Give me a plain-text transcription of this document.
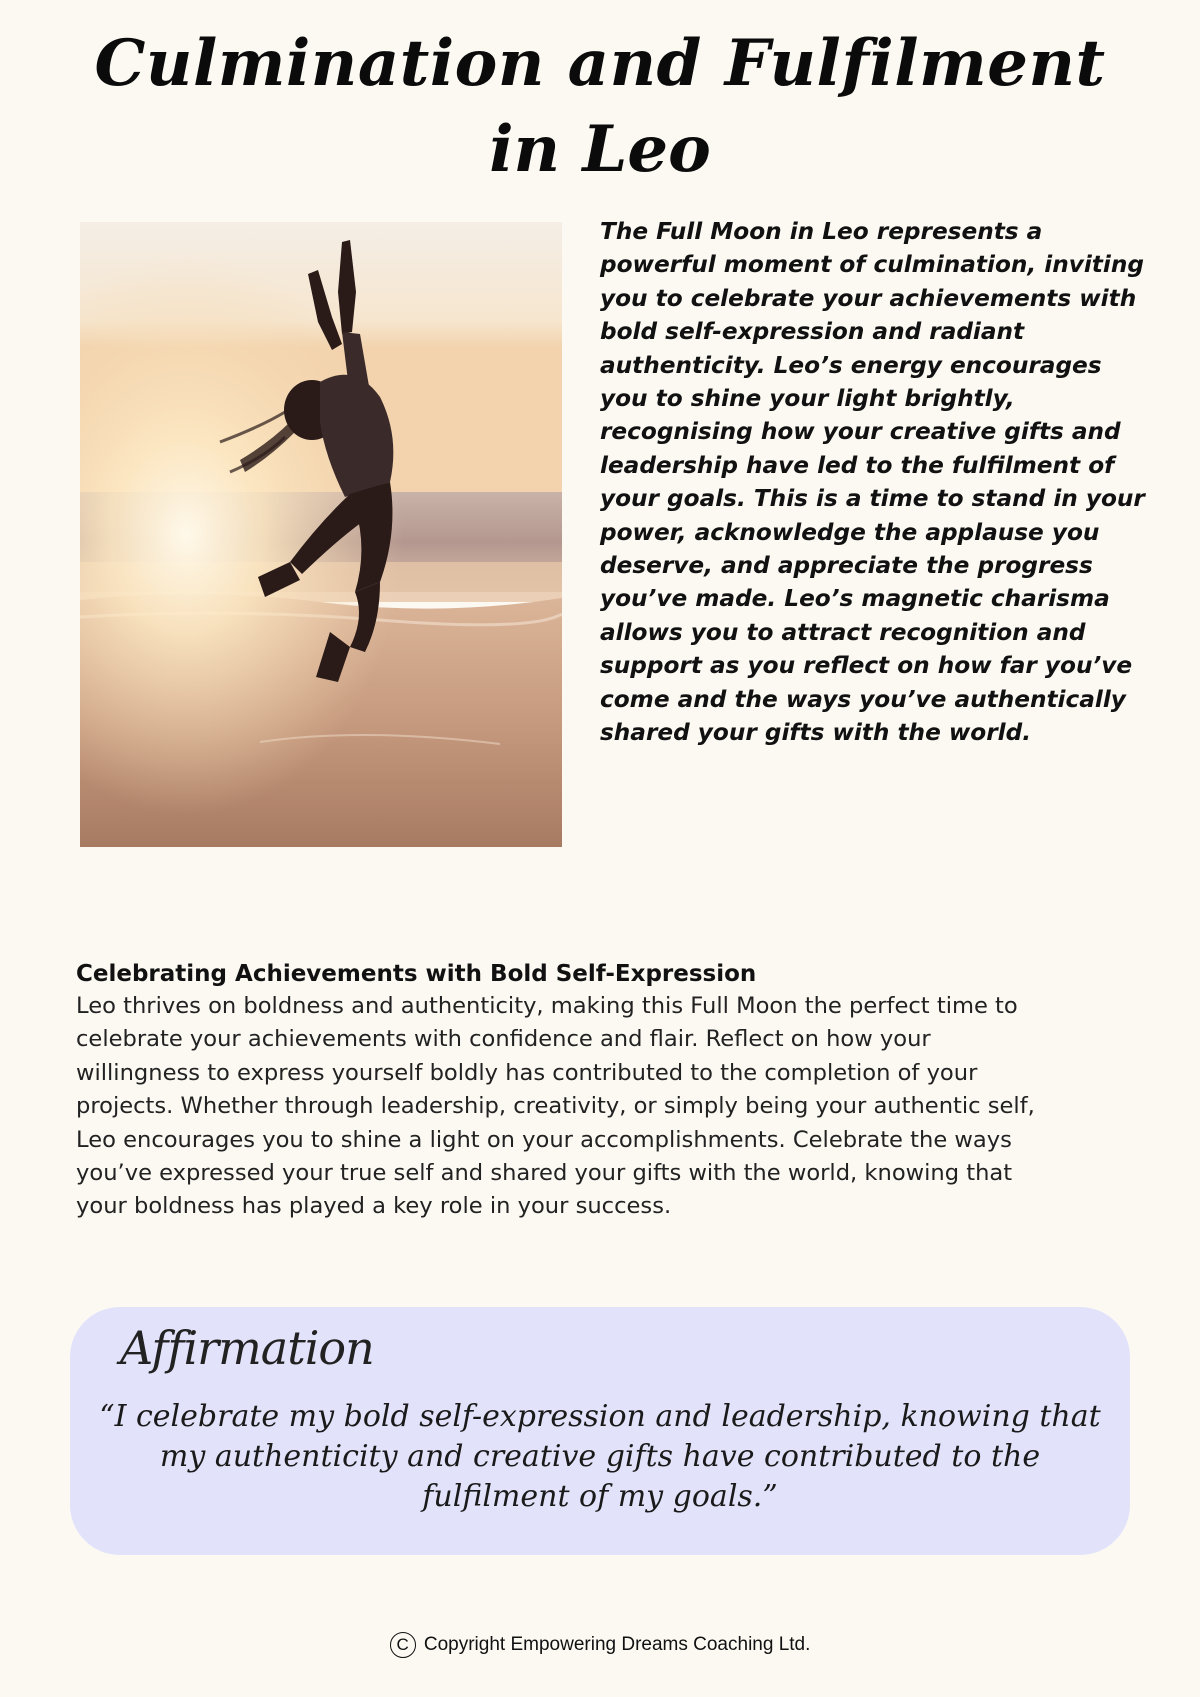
Culmination and Fulfilment
in Leo

The Full Moon in Leo represents a
powerful moment of culmination, inviting
you to celebrate your achievements with
bold self-expression and radiant
authenticity. Leo’s energy encourages
you to shine your light brightly,
recognising how your creative gifts and
leadership have led to the fulfilment of
your goals. This is a time to stand in your
power, acknowledge the applause you
deserve, and appreciate the progress
you’ve made. Leo’s magnetic charisma
allows you to attract recognition and
support as you reflect on how far you’ve
come and the ways you’ve authentically
shared your gifts with the world.

Celebrating Achievements with Bold Self-Expression

Leo thrives on boldness and authenticity, making this Full Moon the perfect time to
celebrate your achievements with confidence and flair. Reflect on how your
willingness to express yourself boldly has contributed to the completion of your
projects. Whether through leadership, creativity, or simply being your authentic self,
Leo encourages you to shine a light on your accomplishments. Celebrate the ways
you’ve expressed your true self and shared your gifts with the world, knowing that
your boldness has played a key role in your success.

Affirmation

“I celebrate my bold self-expression and leadership, knowing that
my authenticity and creative gifts have contributed to the
fulfilment of my goals.”

C Copyright Empowering Dreams Coaching Ltd.
